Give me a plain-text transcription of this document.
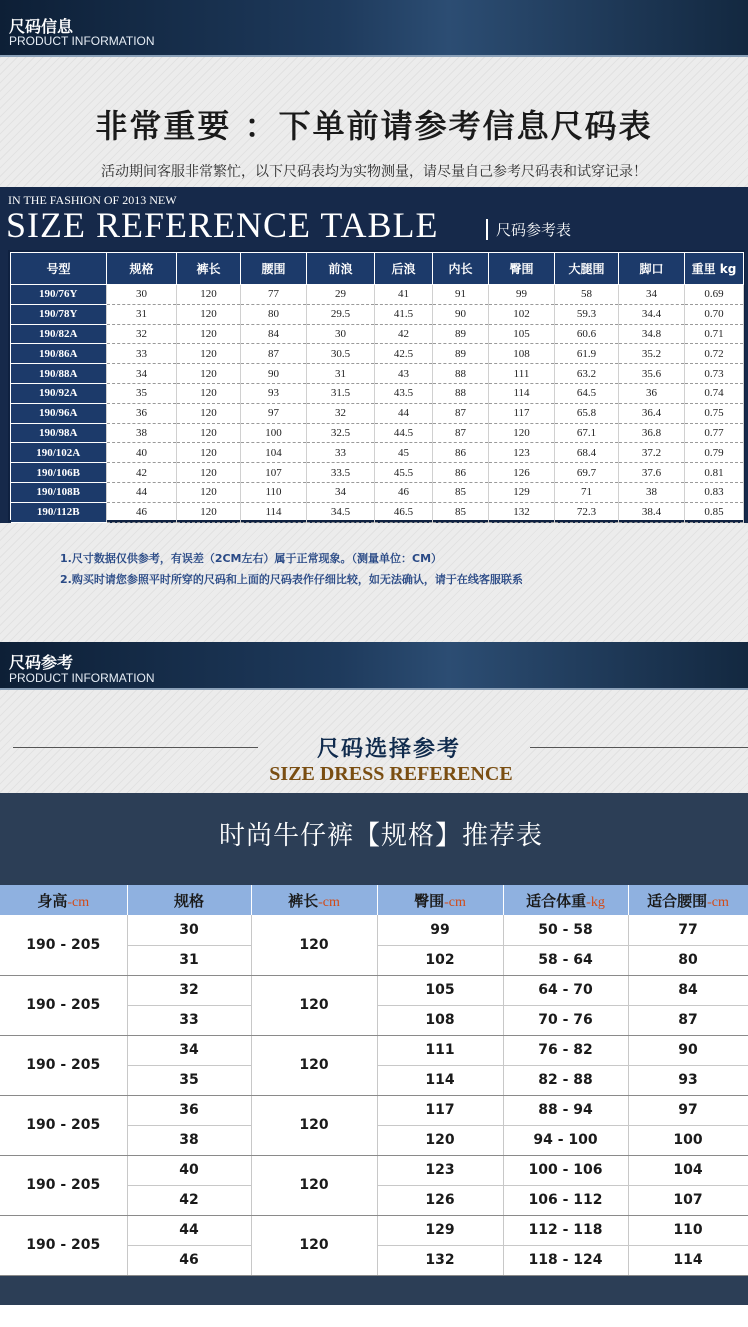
尺码信息
PRODUCT INFORMATION
非常重要 ：下单前请参考信息尺码表
活动期间客服非常繁忙，以下尺码表均为实物测量，请尽量自己参考尺码表和试穿记录！
IN THE FASHION OF 2013 NEW
SIZE REFERENCE TABLE	尺码参考表
号型	规格	裤长	腰围	前浪	后浪	内长	臀围	大腿围	脚口	重里 kg
190/76Y	30	120	77	29	41	91	99	58	34	0.69
190/78Y	31	120	80	29.5	41.5	90	102	59.3	34.4	0.70
190/82A	32	120	84	30	42	89	105	60.6	34.8	0.71
190/86A	33	120	87	30.5	42.5	89	108	61.9	35.2	0.72
190/88A	34	120	90	31	43	88	111	63.2	35.6	0.73
190/92A	35	120	93	31.5	43.5	88	114	64.5	36	0.74
190/96A	36	120	97	32	44	87	117	65.8	36.4	0.75
190/98A	38	120	100	32.5	44.5	87	120	67.1	36.8	0.77
190/102A	40	120	104	33	45	86	123	68.4	37.2	0.79
190/106B	42	120	107	33.5	45.5	86	126	69.7	37.6	0.81
190/108B	44	120	110	34	46	85	129	71	38	0.83
190/112B	46	120	114	34.5	46.5	85	132	72.3	38.4	0.85
1.尺寸数据仅供参考，有误差（2CM左右）属于正常现象。（测量单位：CM）
2.购买时请您参照平时所穿的尺码和上面的尺码表作仔细比较，如无法确认，请于在线客服联系
尺码参考
PRODUCT INFORMATION
尺码选择参考
SIZE DRESS REFERENCE
时尚牛仔裤【规格】推荐表
身高-cm	规格	裤长-cm	臀围-cm	适合体重-kg	适合腰围-cm
190 - 205	30	120	99	50 - 58	77
	31		102	58 - 64	80
190 - 205	32	120	105	64 - 70	84
	33		108	70 - 76	87
190 - 205	34	120	111	76 - 82	90
	35		114	82 - 88	93
190 - 205	36	120	117	88 - 94	97
	38		120	94 - 100	100
190 - 205	40	120	123	100 - 106	104
	42		126	106 - 112	107
190 - 205	44	120	129	112 - 118	110
	46		132	118 - 124	114
